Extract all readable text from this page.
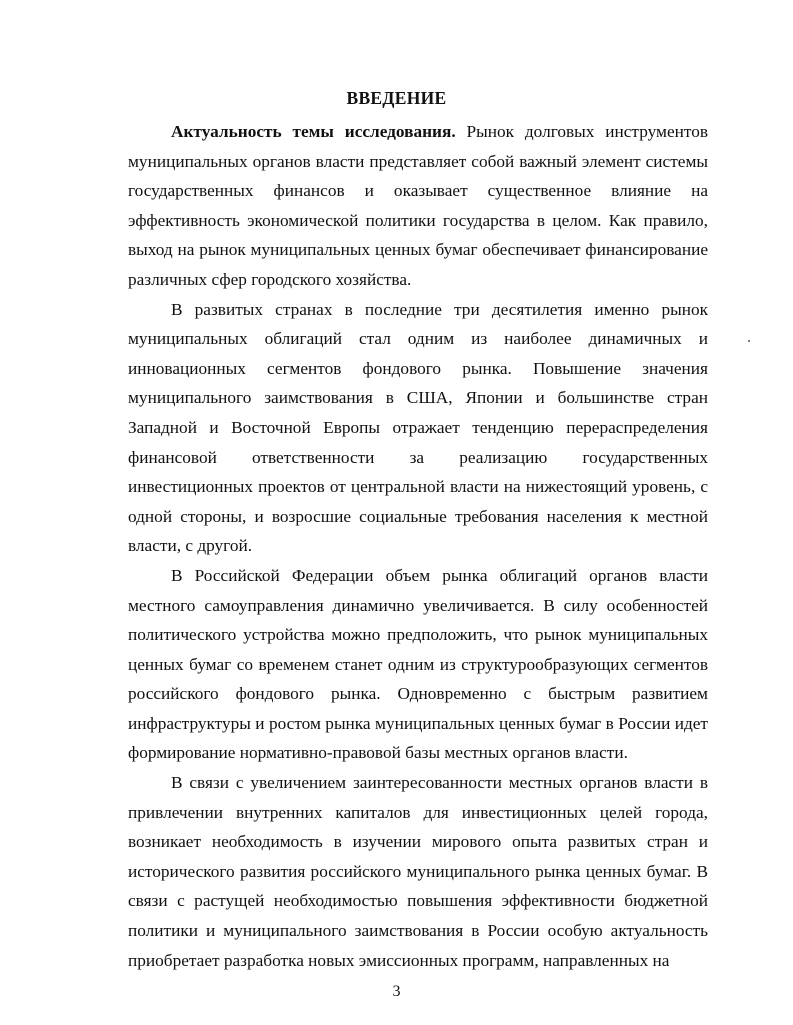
ВВЕДЕНИЕ

Актуальность темы исследования. Рынок долговых инструментов муниципальных органов власти представляет собой важный элемент системы государственных финансов и оказывает существенное влияние на эффективность экономической политики государства в целом. Как правило, выход на рынок муниципальных ценных бумаг обеспечивает финансирование различных сфер городского хозяйства.

В развитых странах в последние три десятилетия именно рынок муниципальных облигаций стал одним из наиболее динамичных и инновационных сегментов фондового рынка. Повышение значения муниципального заимствования в США, Японии и большинстве стран Западной и Восточной Европы отражает тенденцию перераспределения финансовой ответственности за реализацию государственных инвестиционных проектов от центральной власти на нижестоящий уровень, с одной стороны, и возросшие социальные требования населения к местной власти, с другой.

В Российской Федерации объем рынка облигаций органов власти местного самоуправления динамично увеличивается. В силу особенностей политического устройства можно предположить, что рынок муниципальных ценных бумаг со временем станет одним из структурообразующих сегментов российского фондового рынка. Одновременно с быстрым развитием инфраструктуры и ростом рынка муниципальных ценных бумаг в России идет формирование нормативно-правовой базы местных органов власти.

В связи с увеличением заинтересованности местных органов власти в привлечении внутренних капиталов для инвестиционных целей города, возникает необходимость в изучении мирового опыта развитых стран и исторического развития российского муниципального рынка ценных бумаг. В связи с растущей необходимостью повышения эффективности бюджетной политики и муниципального заимствования в России особую актуальность приобретает разработка новых эмиссионных программ, направленных на

3
